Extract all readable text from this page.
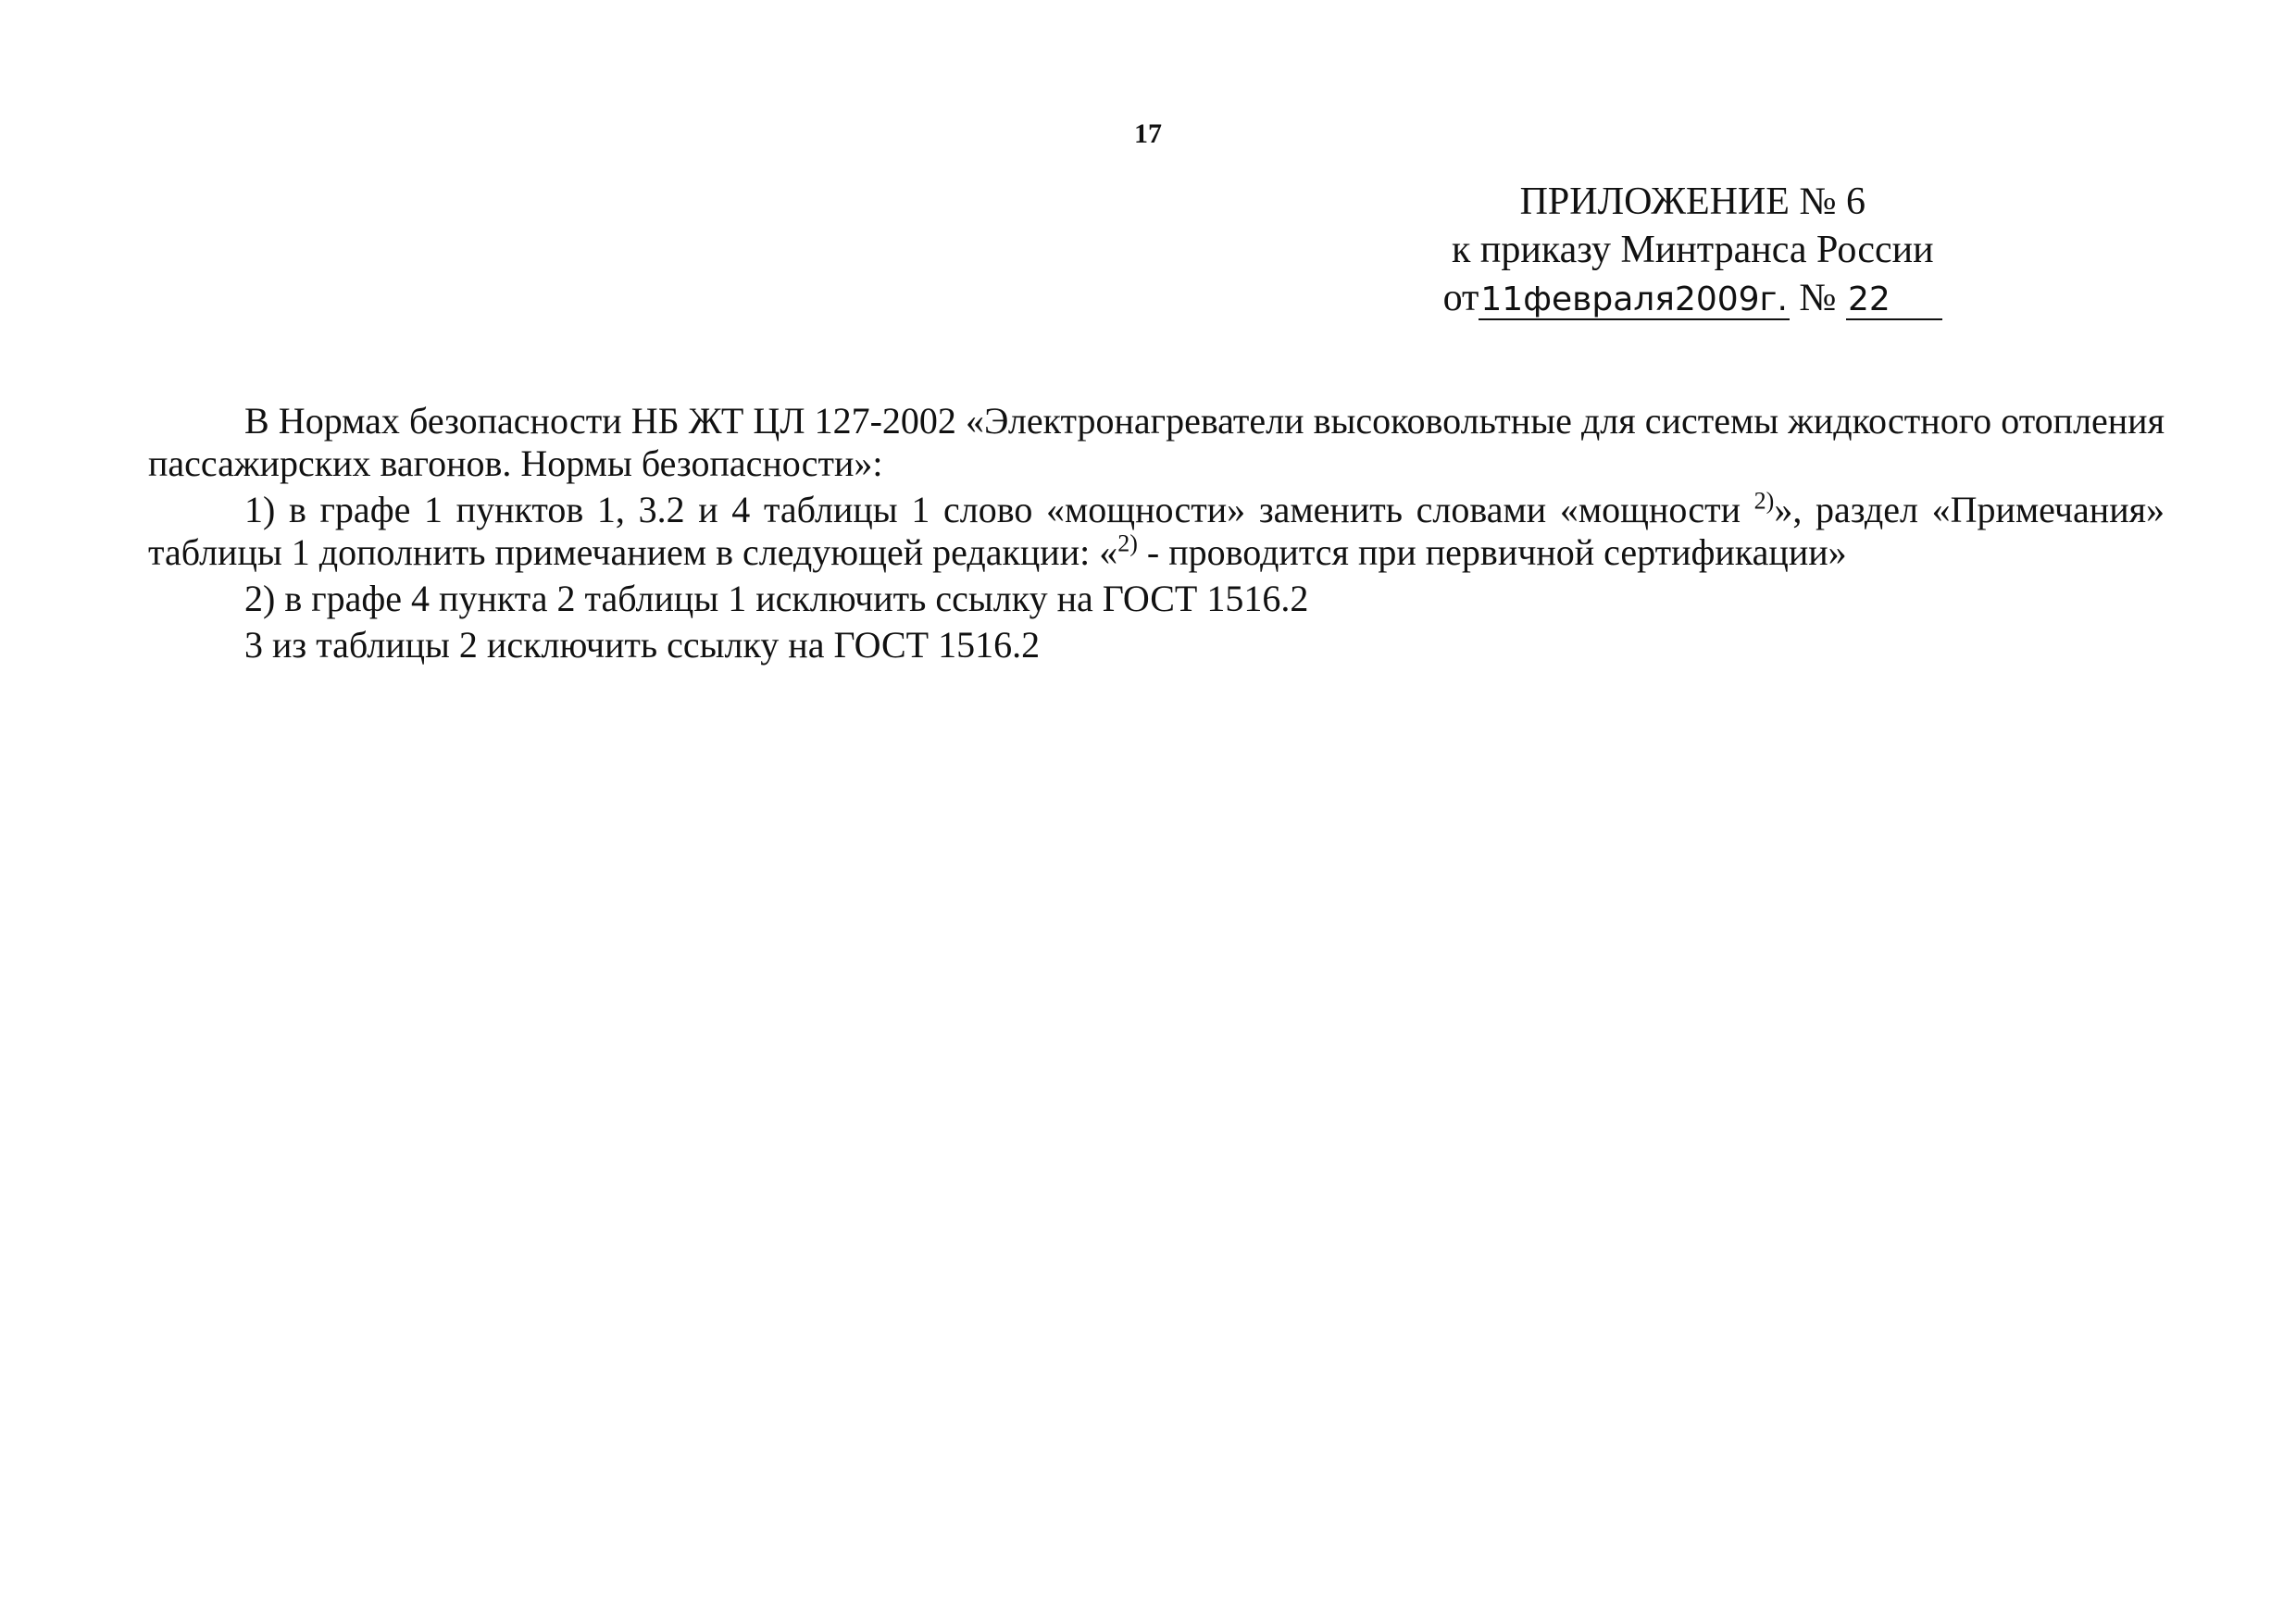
17
ПРИЛОЖЕНИЕ № 6
к приказу Минтранса России
от11февраля2009г. № 22

В Нормах безопасности НБ ЖТ ЦЛ 127-2002 «Электронагреватели высоковольтные для системы жидкостного отопления пассажирских вагонов. Нормы безопасности»:

1) в графе 1 пунктов 1, 3.2 и 4 таблицы 1 слово «мощности» заменить словами «мощности $^{2)}$», раздел «Примечания» таблицы 1 дополнить примечанием в следующей редакции: «$^{2)}$ - проводится при первичной сертификации»

2) в графе 4 пункта 2 таблицы 1 исключить ссылку на ГОСТ 1516.2

3 из таблицы 2 исключить ссылку на ГОСТ 1516.2
